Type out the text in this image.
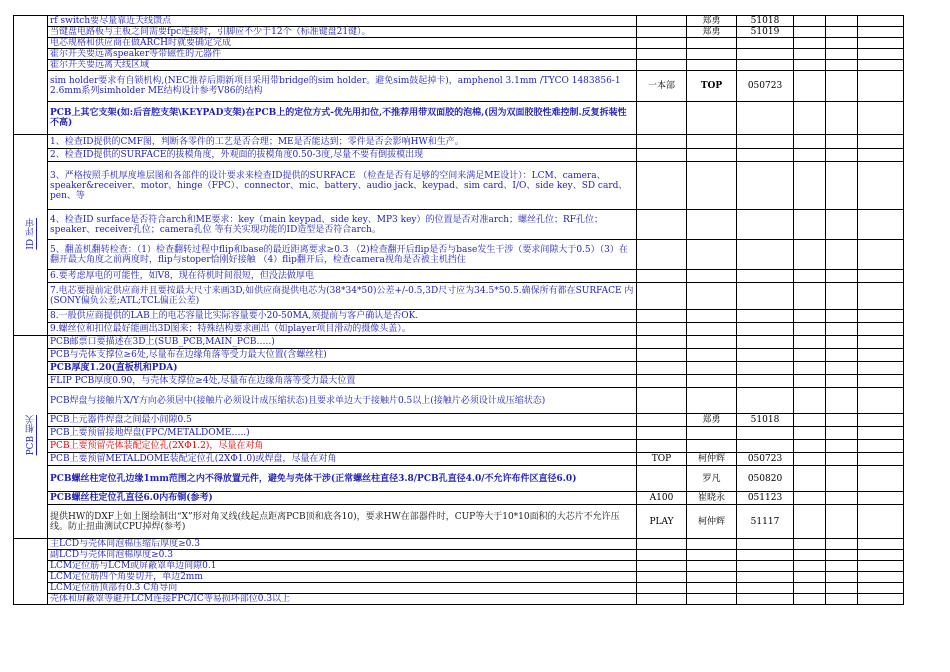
	rf switch要尽量靠近天线馈点		郑勇	51018			
	当键盘电路板与主板之间需要fpc连接时，引脚应不少于12个（标准键盘21键）。		郑勇	51019			
	电芯规格和供应商在做ARCH时就要确定完成						
	霍尔开关要远离speaker等带磁性的元器件						
	霍尔开关要远离天线区域						
	sim holder要求有自锁机构,(NEC推荐后期新项目采用带bridge的sim holder。避免sim鼓起掉卡)，amphenol 3.1mm /TYCO 1483856-1 2.6mm系列simholder ME结构设计参考V86的结构	一本部	TOP	050723			
	PCB上其它支架(如:后音腔支架\KEYPAD支架)在PCB上的定位方式-优先用扣位,不推荐用带双面胶的泡棉,(因为双面胶胶性难控制.反复拆装性不高)						
ID 评审	1、检查ID提供的CMF图，判断各零件的工艺是否合理；ME是否能达到；零件是否会影响HW和生产。						
	2、检查ID提供的SURFACE的拔模角度，外观面的拔模角度0.50-3度,尽量不要有倒拔模出现						
	3、严格按照手机厚度堆层图和各部件的设计要求来检查ID提供的SURFACE （检查是否有足够的空间来满足ME设计）：LCM、camera、speaker&receiver、motor、hinge（FPC）、connector、mic、battery、audio jack、keypad、sim card、I/O、side key、SD card、pen、等						
	4、检查ID surface是否符合arch和ME要求：key（main keypad、side key、MP3 key）的位置是否对准arch；螺丝孔位；RF孔位；speaker、receiver孔位；camera孔位 等有关实现功能的ID造型是否符合arch。						
	5、翻盖机翻转检查：（1）检查翻转过程中flip和base的最近距离要求≥0.3 （2)检查翻开后flip是否与base发生干涉（要求间隙大于0.5）（3）在翻开最大角度之前两度时，flip与stoper恰刚好接触 （4）flip翻开后，检查camera视角是否被主机挡住						
	6.要考虑厚电的可能性，如V8，现在待机时间很短，但没法做厚电						
	7.电芯要提前定供应商并且要按最大尺寸来画3D,如供应商提供电芯为(38*34*50)公差+/-0.5,3D尺寸应为34.5*50.5.确保所有都在SURFACE 内(SONY偏负公差;ATL;TCL偏正公差)						
	8.一般供应商提供的LAB上的电芯容量比实际容量要小20-50MA,须提前与客户确认是否OK.						
	9.螺丝位和扣位最好能画出3D图来；特殊结构要求画出（如player项目滑动的摄像头盖）。						
PCB 相关	PCB邮票口要描述在3D上(SUB_PCB,MAIN_PCB…..)						
	PCB与壳体支撑位≥6处,尽量布在边缘角落等受力最大位置(含螺丝柱)						
	PCB厚度1.20(直板机和PDA)						
	FLIP PCB厚度0.90，与壳体支撑位≥4处,尽量布在边缘角落等受力最大位置						
	PCB焊盘与接触片X/Y方向必须居中(接触片必须设计成压缩状态)且要求单边大于接触片0.5以上(接触片必须设计成压缩状态)						
	PCB上元器件焊盘之间最小间隙0.5		郑勇	51018			
	PCB上要预留接地焊盘(FPC/METALDOME…..)						
	PCB上要预留壳体装配定位孔(2XΦ1.2)，尽量在对角						
	PCB上要预留METALDOME装配定位孔(2XΦ1.0)或焊盘，尽量在对角	TOP	柯仲辉	050723			
	PCB螺丝柱定位孔边缘1mm范围之内不得放置元件，避免与壳体干涉(正常螺丝柱直径3.8/PCB孔直径4.0/不允许布件区直径6.0)		罗凡	050820			
	PCB螺丝柱定位孔直径6.0内布铜(参考)	A100	崔晓永	051123			
	提供HW的DXF上如上图绘制出“X”形对角叉线(线起点距离PCB顶和底各10)，要求HW在部器件时，CUP等大于10*10面积的大芯片不允许压线。防止扭曲测试CPU掉焊(参考)	PLAY	柯仲辉	51117			
	主LCD与壳体间泡棉压缩后厚度≥0.3						
	副LCD与壳体间泡棉厚度≥0.3						
	LCM定位筋与LCM或屏蔽罩单边间隙0.1						
	LCM定位筋四个角要切开，单边2mm						
	LCM定位筋顶部有0.3 C角导向						
	壳体和屏蔽罩等避开LCM连接FPC/IC等易损坏部位0.3以上						
